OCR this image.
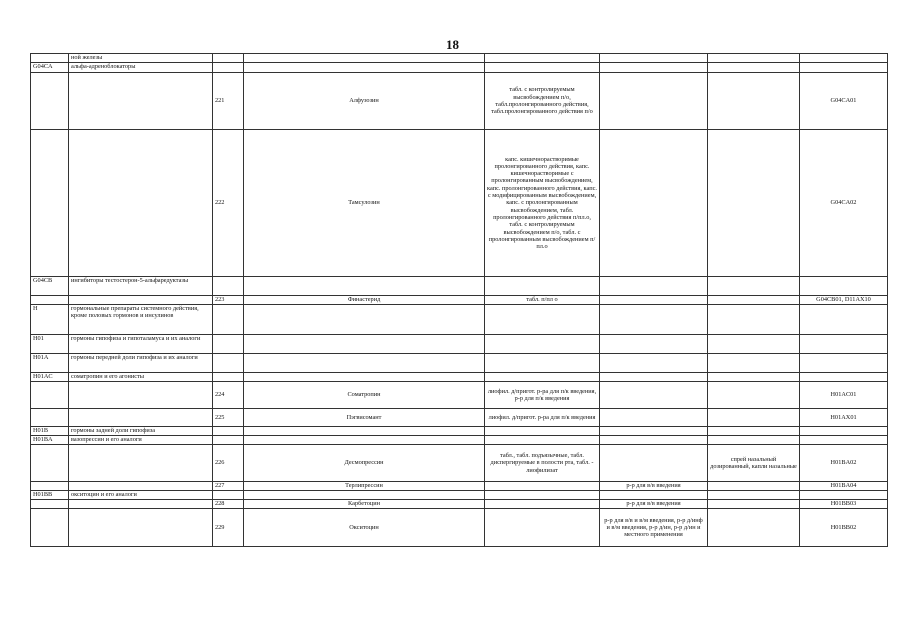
18
	ной железы						
G04CA	альфа-адреноблокаторы						
		221	Алфузозин	табл. с контролируемым высвобождением п/о, табл.пролонгированного действия, табл.пролонгированного действия п/о			G04CA01
		222	Тамсулозин	капс. кишечнорастворимые пролонгированного действия, капс. кишечнорастворимые с пролонгированным высвобождением, капс. пролонгированного действия, капс. с модифицированным высвобождением, капс. с пролонгированным высвобождением, табл. пролонгированного действия п/пл.о, табл. с контролируемым высвобождением п/о, табл. с пролонгированным высвобождением п/пл.о			G04CA02
G04CB	ингибиторы тестостерон-5-альфаредуктазы						
		223	Финастерид	табл. п/пл о			G04CB01, D11AX10
H	гормональные препараты системного действия, кроме половых гормонов и инсулинов						
H01	гормоны гипофиза и гипоталамуса и их аналоги						
H01A	гормоны передней доли гипофиза и их аналоги						
H01AC	соматропин и его агонисты						
		224	Соматропин	лиофил. д/пригот. р-ра для п/к введения, р-р для п/к введения			H01AC01
		225	Пэгвисомант	лиофил. д/пригот. р-ра для п/к введения			H01AX01
H01B	гормоны задней доли гипофиза						
H01BA	вазопрессин и его аналоги						
		226	Десмопрессин	табл., табл. подъязычные, табл. диспергируемые в полости рта, табл. - лиофилизат		спрей назальный дозированный, капли назальные	H01BA02
		227	Терлипрессин		р-р для в/в введения		H01BA04
H01BB	окситоцин и его аналоги						
		228	Карбетоцин		р-р для в/в введения		H01BB03
		229	Окситоцин		р-р для в/в и в/м введения, р-р д/инф и в/м введения, р-р д/ин, р-р д/ин и местного применения		H01BB02
